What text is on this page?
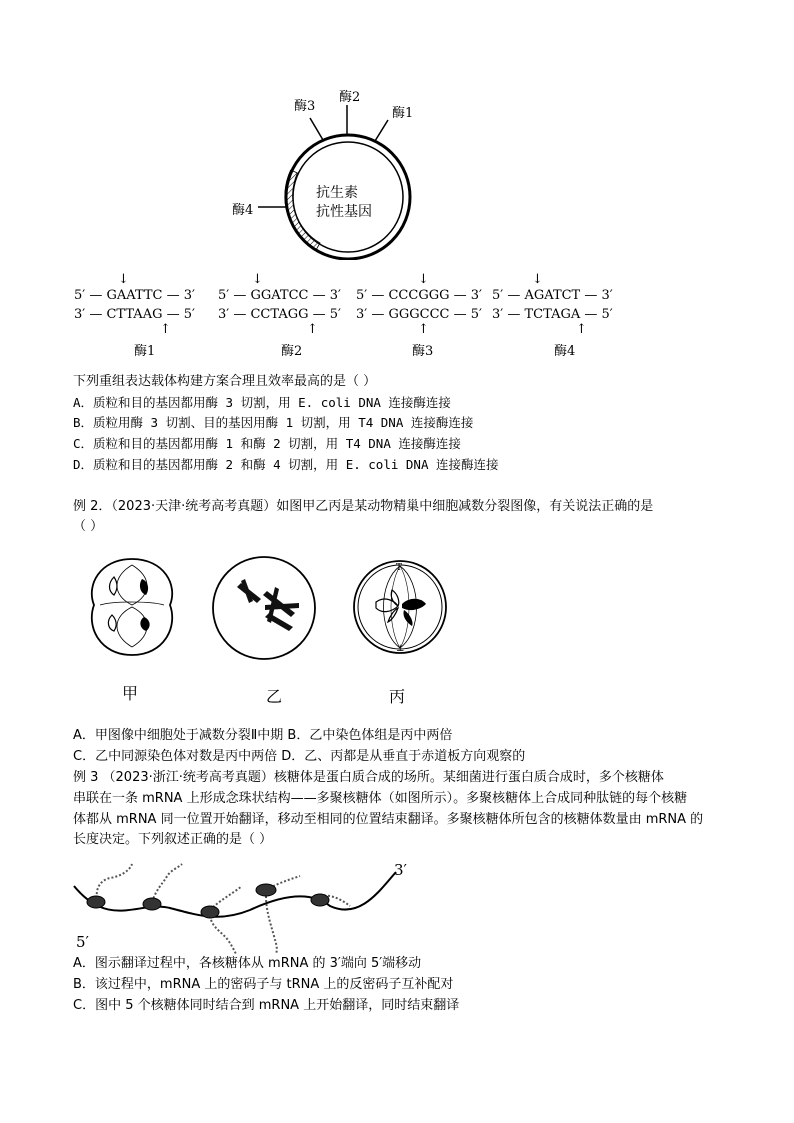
酶3
酶2
酶1
酶4
抗生素
抗性基因
↓
5′ — GAATTC — 3′
3′ — CTTAAG — 5′
↑
酶1
↓
5′ — GGATCC — 3′
3′ — CCTAGG — 5′
↑
酶2
↓
5′ — CCCGGG — 3′
3′ — GGGCCC — 5′
↑
酶3
↓
5′ — AGATCT — 3′
3′ — TCTAGA — 5′
↑
酶4
下列重组表达载体构建方案合理且效率最高的是（ ）
A．质粒和目的基因都用酶 3 切割，用 E. coli DNA 连接酶连接
B．质粒用酶 3 切割、目的基因用酶 1 切割，用 T4 DNA 连接酶连接
C．质粒和目的基因都用酶 1 和酶 2 切割，用 T4 DNA 连接酶连接
D．质粒和目的基因都用酶 2 和酶 4 切割，用 E. coli DNA 连接酶连接
例 2．（2023·天津·统考高考真题）如图甲乙丙是某动物精巢中细胞减数分裂图像，有关说法正确的是
（ ）
T
⊥
甲	乙	丙
A．甲图像中细胞处于减数分裂Ⅱ中期 B．乙中染色体组是丙中两倍
C．乙中同源染色体对数是丙中两倍 D．乙、丙都是从垂直于赤道板方向观察的
例 3 （2023·浙江·统考高考真题）核糖体是蛋白质合成的场所。某细菌进行蛋白质合成时，多个核糖体
串联在一条 mRNA 上形成念珠状结构——多聚核糖体（如图所示）。多聚核糖体上合成同种肽链的每个核糖
体都从 mRNA 同一位置开始翻译，移动至相同的位置结束翻译。多聚核糖体所包含的核糖体数量由 mRNA 的
长度决定。下列叙述正确的是（ ）
3′
5′
A．图示翻译过程中，各核糖体从 mRNA 的 3′端向 5′端移动
B．该过程中，mRNA 上的密码子与 tRNA 上的反密码子互补配对
C．图中 5 个核糖体同时结合到 mRNA 上开始翻译，同时结束翻译
